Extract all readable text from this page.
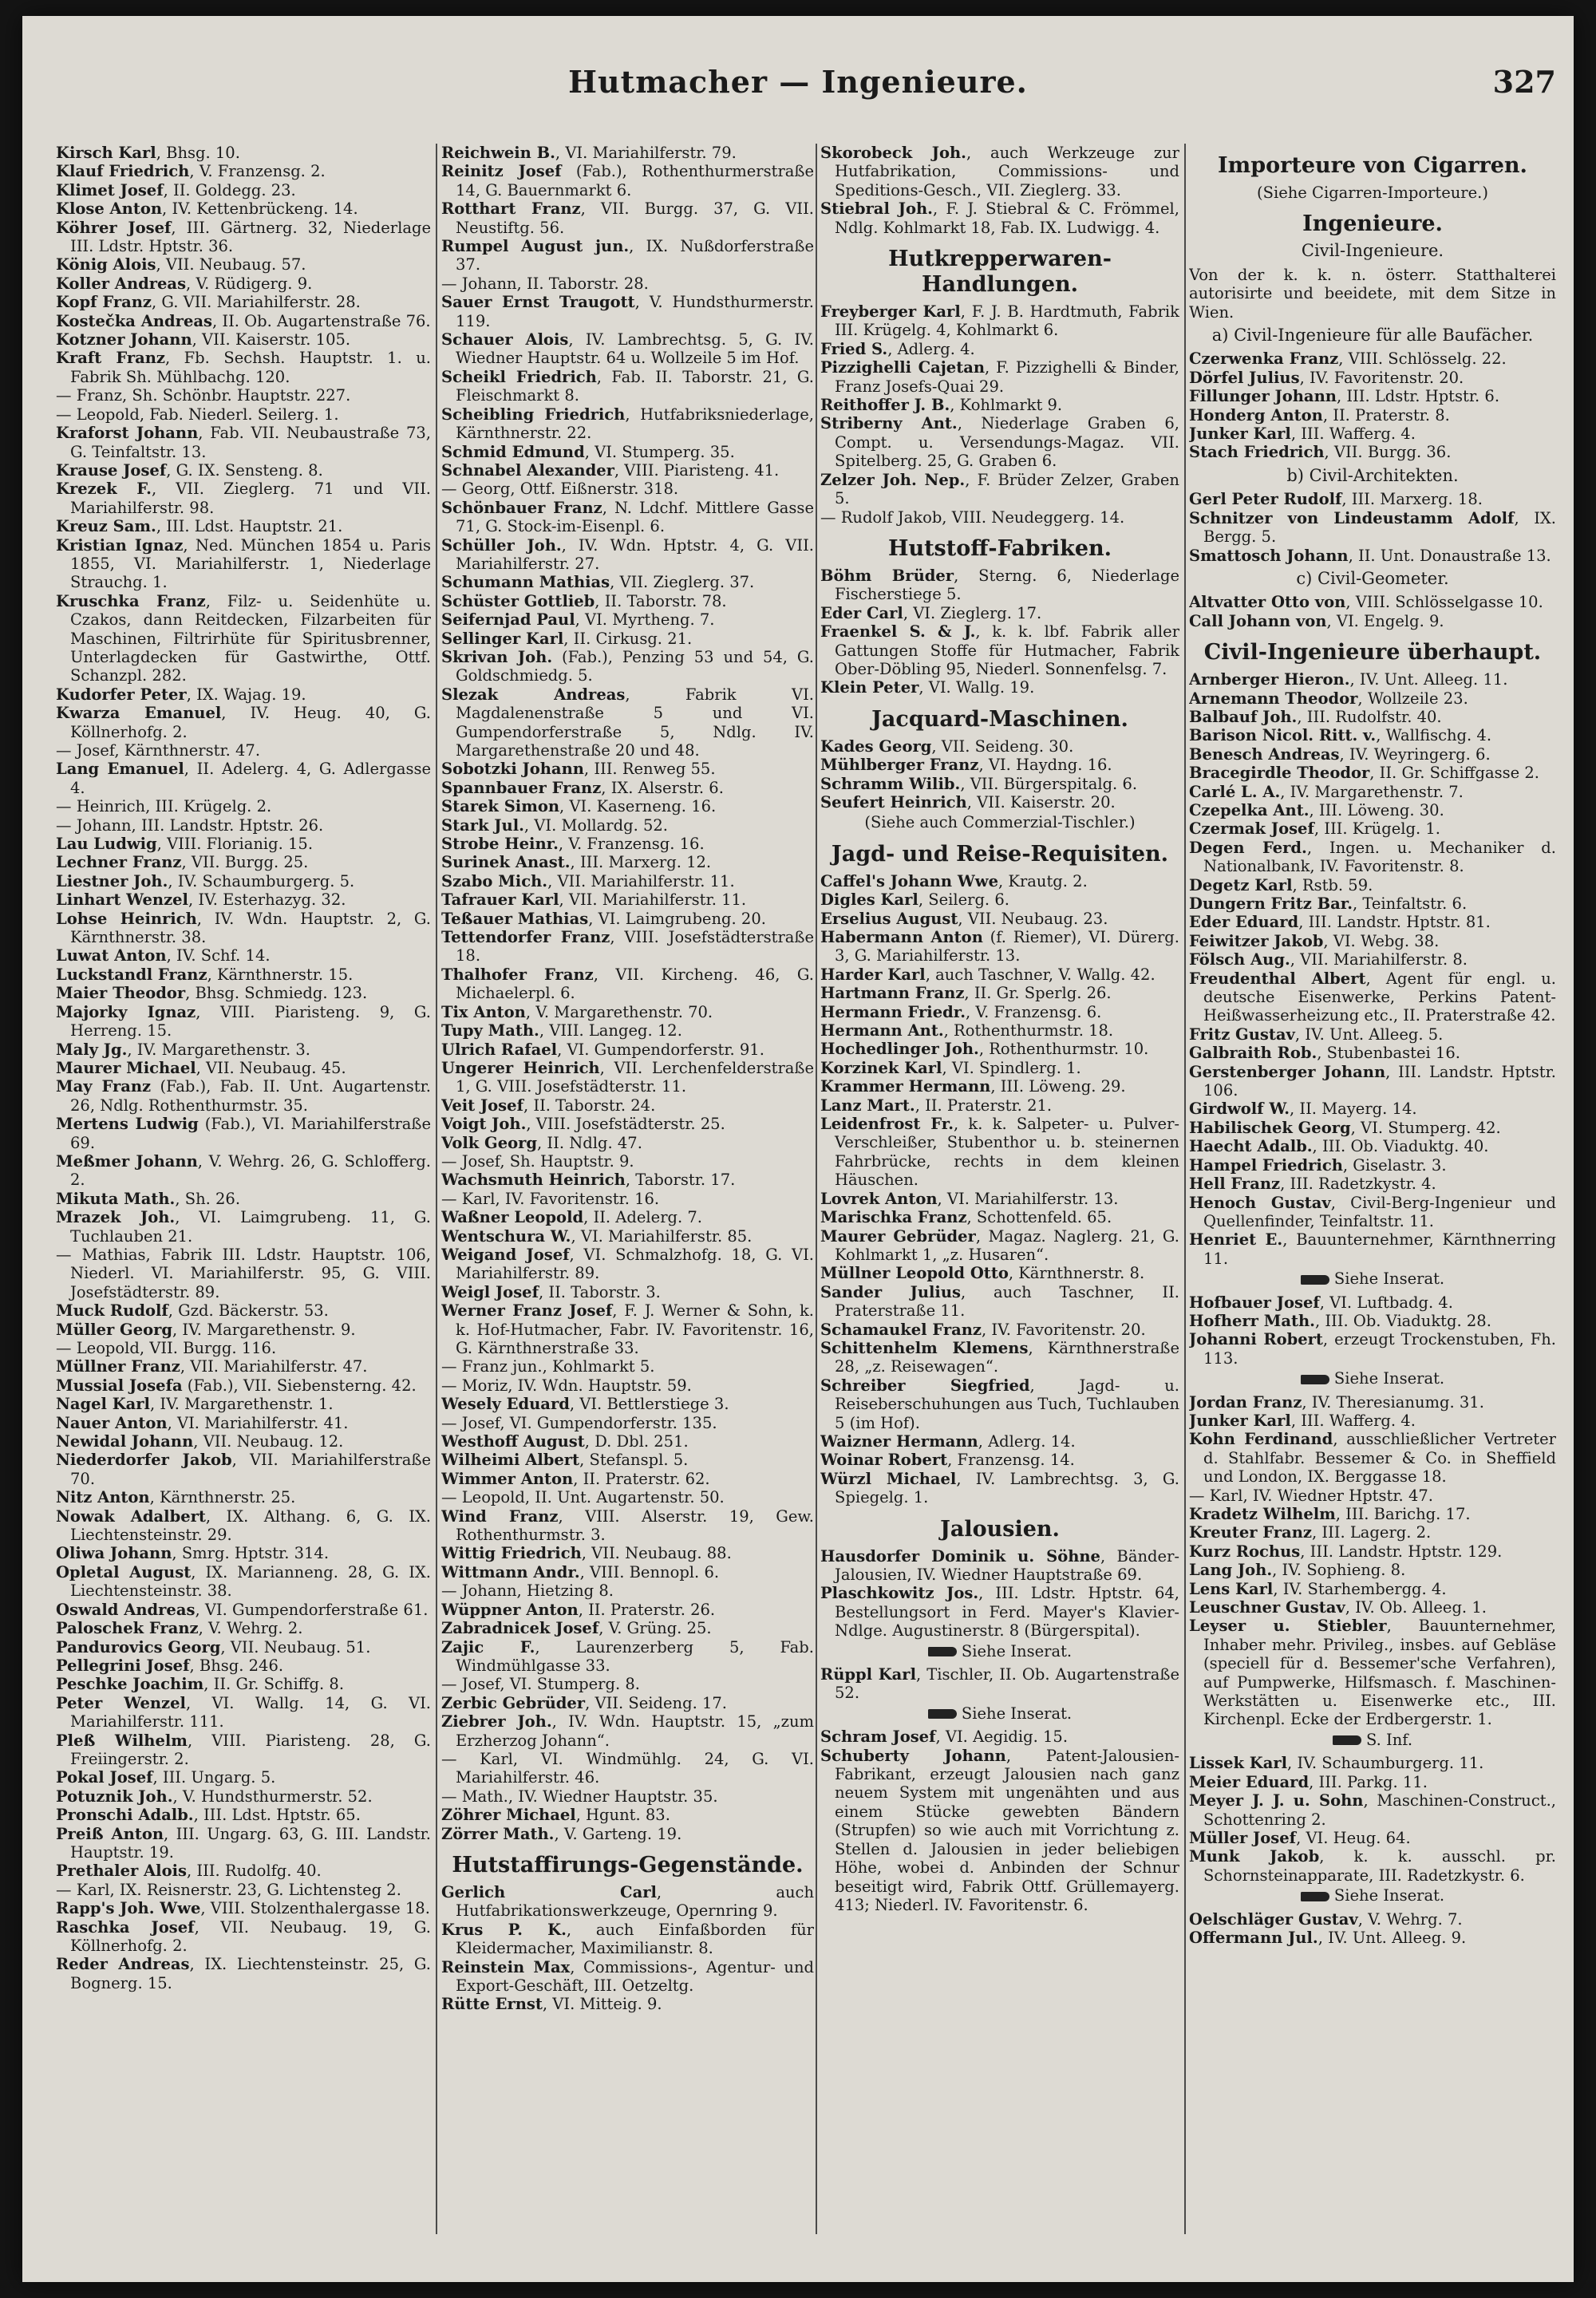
Hutmacher — Ingenieure.	327

Kirsch Karl, Bhsg. 10.

Klauf Friedrich, V. Franzensg. 2.

Klimet Josef, II. Goldegg. 23.

Klose Anton, IV. Kettenbrückeng. 14.

Köhrer Josef, III. Gärtnerg. 32, Niederlage III. Ldstr. Hptstr. 36.

König Alois, VII. Neubaug. 57.

Koller Andreas, V. Rüdigerg. 9.

Kopf Franz, G. VII. Mariahilferstr. 28.

Kostečka Andreas, II. Ob. Augartenstraße 76.

Kotzner Johann, VII. Kaiserstr. 105.

Kraft Franz, Fb. Sechsh. Hauptstr. 1. u. Fabrik Sh. Mühlbachg. 120.

— Franz, Sh. Schönbr. Hauptstr. 227.

— Leopold, Fab. Niederl. Seilerg. 1.

Kraforst Johann, Fab. VII. Neubaustraße 73, G. Teinfaltstr. 13.

Krause Josef, G. IX. Sensteng. 8.

Krezek F., VII. Zieglerg. 71 und VII. Mariahilferstr. 98.

Kreuz Sam., III. Ldst. Hauptstr. 21.

Kristian Ignaz, Ned. München 1854 u. Paris 1855, VI. Mariahilferstr. 1, Niederlage Strauchg. 1.

Kruschka Franz, Filz- u. Seidenhüte u. Czakos, dann Reitdecken, Filzarbeiten für Maschinen, Filtrirhüte für Spiritusbrenner, Unterlagdecken für Gastwirthe, Ottf. Schanzpl. 282.

Kudorfer Peter, IX. Wajag. 19.

Kwarza Emanuel, IV. Heug. 40, G. Köllnerhofg. 2.

— Josef, Kärnthnerstr. 47.

Lang Emanuel, II. Adelerg. 4, G. Adlergasse 4.

— Heinrich, III. Krügelg. 2.

— Johann, III. Landstr. Hptstr. 26.

Lau Ludwig, VIII. Florianig. 15.

Lechner Franz, VII. Burgg. 25.

Liestner Joh., IV. Schaumburgerg. 5.

Linhart Wenzel, IV. Esterhazyg. 32.

Lohse Heinrich, IV. Wdn. Hauptstr. 2, G. Kärnthnerstr. 38.

Luwat Anton, IV. Schf. 14.

Luckstandl Franz, Kärnthnerstr. 15.

Maier Theodor, Bhsg. Schmiedg. 123.

Majorky Ignaz, VIII. Piaristeng. 9, G. Herreng. 15.

Maly Jg., IV. Margarethenstr. 3.

Maurer Michael, VII. Neubaug. 45.

May Franz (Fab.), Fab. II. Unt. Augartenstr. 26, Ndlg. Rothenthurmstr. 35.

Mertens Ludwig (Fab.), VI. Mariahilferstraße 69.

Meßmer Johann, V. Wehrg. 26, G. Schlofferg. 2.

Mikuta Math., Sh. 26.

Mrazek Joh., VI. Laimgrubeng. 11, G. Tuchlauben 21.

— Mathias, Fabrik III. Ldstr. Hauptstr. 106, Niederl. VI. Mariahilferstr. 95, G. VIII. Josefstädterstr. 89.

Muck Rudolf, Gzd. Bäckerstr. 53.

Müller Georg, IV. Margarethenstr. 9.

— Leopold, VII. Burgg. 116.

Müllner Franz, VII. Mariahilferstr. 47.

Mussial Josefa (Fab.), VII. Siebensterng. 42.

Nagel Karl, IV. Margarethenstr. 1.

Nauer Anton, VI. Mariahilferstr. 41.

Newidal Johann, VII. Neubaug. 12.

Niederdorfer Jakob, VII. Mariahilferstraße 70.

Nitz Anton, Kärnthnerstr. 25.

Nowak Adalbert, IX. Althang. 6, G. IX. Liechtensteinstr. 29.

Oliwa Johann, Smrg. Hptstr. 314.

Opletal August, IX. Marianneng. 28, G. IX. Liechtensteinstr. 38.

Oswald Andreas, VI. Gumpendorferstraße 61.

Paloschek Franz, V. Wehrg. 2.

Pandurovics Georg, VII. Neubaug. 51.

Pellegrini Josef, Bhsg. 246.

Peschke Joachim, II. Gr. Schiffg. 8.

Peter Wenzel, VI. Wallg. 14, G. VI. Mariahilferstr. 111.

Pleß Wilhelm, VIII. Piaristeng. 28, G. Freiingerstr. 2.

Pokal Josef, III. Ungarg. 5.

Potuznik Joh., V. Hundsthurmerstr. 52.

Pronschi Adalb., III. Ldst. Hptstr. 65.

Preiß Anton, III. Ungarg. 63, G. III. Landstr. Hauptstr. 19.

Prethaler Alois, III. Rudolfg. 40.

— Karl, IX. Reisnerstr. 23, G. Lichtensteg 2.

Rapp's Joh. Wwe, VIII. Stolzenthalergasse 18.

Raschka Josef, VII. Neubaug. 19, G. Köllnerhofg. 2.

Reder Andreas, IX. Liechtensteinstr. 25, G. Bognerg. 15.

Reichwein B., VI. Mariahilferstr. 79.

Reinitz Josef (Fab.), Rothenthurmerstraße 14, G. Bauernmarkt 6.

Rotthart Franz, VII. Burgg. 37, G. VII. Neustiftg. 56.

Rumpel August jun., IX. Nußdorferstraße 37.

— Johann, II. Taborstr. 28.

Sauer Ernst Traugott, V. Hundsthurmerstr. 119.

Schauer Alois, IV. Lambrechtsg. 5, G. IV. Wiedner Hauptstr. 64 u. Wollzeile 5 im Hof.

Scheikl Friedrich, Fab. II. Taborstr. 21, G. Fleischmarkt 8.

Scheibling Friedrich, Hutfabriksniederlage, Kärnthnerstr. 22.

Schmid Edmund, VI. Stumperg. 35.

Schnabel Alexander, VIII. Piaristeng. 41.

— Georg, Ottf. Eißnerstr. 318.

Schönbauer Franz, N. Ldchf. Mittlere Gasse 71, G. Stock-im-Eisenpl. 6.

Schüller Joh., IV. Wdn. Hptstr. 4, G. VII. Mariahilferstr. 27.

Schumann Mathias, VII. Zieglerg. 37.

Schüster Gottlieb, II. Taborstr. 78.

Seifernjad Paul, VI. Myrtheng. 7.

Sellinger Karl, II. Cirkusg. 21.

Skrivan Joh. (Fab.), Penzing 53 und 54, G. Goldschmiedg. 5.

Slezak Andreas, Fabrik VI. Magdalenenstraße 5 und VI. Gumpendorferstraße 5, Ndlg. IV. Margarethenstraße 20 und 48.

Sobotzki Johann, III. Renweg 55.

Spannbauer Franz, IX. Alserstr. 6.

Starek Simon, VI. Kaserneng. 16.

Stark Jul., VI. Mollardg. 52.

Strobe Heinr., V. Franzensg. 16.

Surinek Anast., III. Marxerg. 12.

Szabo Mich., VII. Mariahilferstr. 11.

Tafrauer Karl, VII. Mariahilferstr. 11.

Teßauer Mathias, VI. Laimgrubeng. 20.

Tettendorfer Franz, VIII. Josefstädterstraße 18.

Thalhofer Franz, VII. Kircheng. 46, G. Michaelerpl. 6.

Tix Anton, V. Margarethenstr. 70.

Tupy Math., VIII. Langeg. 12.

Ulrich Rafael, VI. Gumpendorferstr. 91.

Ungerer Heinrich, VII. Lerchenfelderstraße 1, G. VIII. Josefstädterstr. 11.

Veit Josef, II. Taborstr. 24.

Voigt Joh., VIII. Josefstädterstr. 25.

Volk Georg, II. Ndlg. 47.

— Josef, Sh. Hauptstr. 9.

Wachsmuth Heinrich, Taborstr. 17.

— Karl, IV. Favoritenstr. 16.

Waßner Leopold, II. Adelerg. 7.

Wentschura W., VI. Mariahilferstr. 85.

Weigand Josef, VI. Schmalzhofg. 18, G. VI. Mariahilferstr. 89.

Weigl Josef, II. Taborstr. 3.

Werner Franz Josef, F. J. Werner & Sohn, k. k. Hof-Hutmacher, Fabr. IV. Favoritenstr. 16, G. Kärnthnerstraße 33.

— Franz jun., Kohlmarkt 5.

— Moriz, IV. Wdn. Hauptstr. 59.

Wesely Eduard, VI. Bettlerstiege 3.

— Josef, VI. Gumpendorferstr. 135.

Westhoff August, D. Dbl. 251.

Wilheimi Albert, Stefanspl. 5.

Wimmer Anton, II. Praterstr. 62.

— Leopold, II. Unt. Augartenstr. 50.

Wind Franz, VIII. Alserstr. 19, Gew. Rothenthurmstr. 3.

Wittig Friedrich, VII. Neubaug. 88.

Wittmann Andr., VIII. Bennopl. 6.

— Johann, Hietzing 8.

Wüppner Anton, II. Praterstr. 26.

Zabradnicek Josef, V. Grüng. 25.

Zajic F., Laurenzerberg 5, Fab. Windmühlgasse 33.

— Josef, VI. Stumperg. 8.

Zerbic Gebrüder, VII. Seideng. 17.

Ziebrer Joh., IV. Wdn. Hauptstr. 15, „zum Erzherzog Johann“.

— Karl, VI. Windmühlg. 24, G. VI. Mariahilferstr. 46.

— Math., IV. Wiedner Hauptstr. 35.

Zöhrer Michael, Hgunt. 83.

Zörrer Math., V. Garteng. 19.

Hutstaffirungs-Gegenstände.

Gerlich Carl, auch Hutfabrikationswerkzeuge, Opernring 9.

Krus P. K., auch Einfaßborden für Kleidermacher, Maximilianstr. 8.

Reinstein Max, Commissions-, Agentur- und Export-Geschäft, III. Oetzeltg.

Rütte Ernst, VI. Mitteig. 9.

Skorobeck Joh., auch Werkzeuge zur Hutfabrikation, Commissions- und Speditions-Gesch., VII. Zieglerg. 33.

Stiebral Joh., F. J. Stiebral & C. Frömmel, Ndlg. Kohlmarkt 18, Fab. IX. Ludwigg. 4.

Hutkrepperwaren-Handlungen.

Freyberger Karl, F. J. B. Hardtmuth, Fabrik III. Krügelg. 4, Kohlmarkt 6.

Fried S., Adlerg. 4.

Pizzighelli Cajetan, F. Pizzighelli & Binder, Franz Josefs-Quai 29.

Reithoffer J. B., Kohlmarkt 9.

Striberny Ant., Niederlage Graben 6, Compt. u. Versendungs-Magaz. VII. Spitelberg. 25, G. Graben 6.

Zelzer Joh. Nep., F. Brüder Zelzer, Graben 5.

— Rudolf Jakob, VIII. Neudeggerg. 14.

Hutstoff-Fabriken.

Böhm Brüder, Sterng. 6, Niederlage Fischerstiege 5.

Eder Carl, VI. Zieglerg. 17.

Fraenkel S. & J., k. k. lbf. Fabrik aller Gattungen Stoffe für Hutmacher, Fabrik Ober-Döbling 95, Niederl. Sonnenfelsg. 7.

Klein Peter, VI. Wallg. 19.

Jacquard-Maschinen.

Kades Georg, VII. Seideng. 30.

Mühlberger Franz, VI. Haydng. 16.

Schramm Wilib., VII. Bürgerspitalg. 6.

Seufert Heinrich, VII. Kaiserstr. 20.

(Siehe auch Commerzial-Tischler.)
Jagd- und Reise-Requisiten.

Caffel's Johann Wwe, Krautg. 2.

Digles Karl, Seilerg. 6.

Erselius August, VII. Neubaug. 23.

Habermann Anton (f. Riemer), VI. Dürerg. 3, G. Mariahilferstr. 13.

Harder Karl, auch Taschner, V. Wallg. 42.

Hartmann Franz, II. Gr. Sperlg. 26.

Hermann Friedr., V. Franzensg. 6.

Hermann Ant., Rothenthurmstr. 18.

Hochedlinger Joh., Rothenthurmstr. 10.

Korzinek Karl, VI. Spindlerg. 1.

Krammer Hermann, III. Löweng. 29.

Lanz Mart., II. Praterstr. 21.

Leidenfrost Fr., k. k. Salpeter- u. Pulver-Verschleißer, Stubenthor u. b. steinernen Fahrbrücke, rechts in dem kleinen Häuschen.

Lovrek Anton, VI. Mariahilferstr. 13.

Marischka Franz, Schottenfeld. 65.

Maurer Gebrüder, Magaz. Naglerg. 21, G. Kohlmarkt 1, „z. Husaren“.

Müllner Leopold Otto, Kärnthnerstr. 8.

Sander Julius, auch Taschner, II. Praterstraße 11.

Schamaukel Franz, IV. Favoritenstr. 20.

Schittenhelm Klemens, Kärnthnerstraße 28, „z. Reisewagen“.

Schreiber Siegfried, Jagd- u. Reiseberschuhungen aus Tuch, Tuchlauben 5 (im Hof).

Waizner Hermann, Adlerg. 14.

Woinar Robert, Franzensg. 14.

Würzl Michael, IV. Lambrechtsg. 3, G. Spiegelg. 1.

Jalousien.

Hausdorfer Dominik u. Söhne, Bänder-Jalousien, IV. Wiedner Hauptstraße 69.

Plaschkowitz Jos., III. Ldstr. Hptstr. 64, Bestellungsort in Ferd. Mayer's Klavier-Ndlge. Augustinerstr. 8 (Bürgerspital).

Siehe Inserat.

Rüppl Karl, Tischler, II. Ob. Augartenstraße 52.

Siehe Inserat.

Schram Josef, VI. Aegidig. 15.

Schuberty Johann, Patent-Jalousien-Fabrikant, erzeugt Jalousien nach ganz neuem System mit ungenähten und aus einem Stücke gewebten Bändern (Strupfen) so wie auch mit Vorrichtung z. Stellen d. Jalousien in jeder beliebigen Höhe, wobei d. Anbinden der Schnur beseitigt wird, Fabrik Ottf. Grüllemayerg. 413; Niederl. IV. Favoritenstr. 6.

Importeure von Cigarren.
(Siehe Cigarren-Importeure.)
Ingenieure.
Civil-Ingenieure.

Von der k. k. n. österr. Statthalterei autorisirte und beeidete, mit dem Sitze in Wien.

a) Civil-Ingenieure für alle Baufächer.

Czerwenka Franz, VIII. Schlösselg. 22.

Dörfel Julius, IV. Favoritenstr. 20.

Fillunger Johann, III. Ldstr. Hptstr. 6.

Honderg Anton, II. Praterstr. 8.

Junker Karl, III. Wafferg. 4.

Stach Friedrich, VII. Burgg. 36.

b) Civil-Architekten.

Gerl Peter Rudolf, III. Marxerg. 18.

Schnitzer von Lindeustamm Adolf, IX. Bergg. 5.

Smattosch Johann, II. Unt. Donaustraße 13.

c) Civil-Geometer.

Altvatter Otto von, VIII. Schlösselgasse 10.

Call Johann von, VI. Engelg. 9.

Civil-Ingenieure überhaupt.

Arnberger Hieron., IV. Unt. Alleeg. 11.

Arnemann Theodor, Wollzeile 23.

Balbauf Joh., III. Rudolfstr. 40.

Barison Nicol. Ritt. v., Wallfischg. 4.

Benesch Andreas, IV. Weyringerg. 6.

Bracegirdle Theodor, II. Gr. Schiffgasse 2.

Carlé L. A., IV. Margarethenstr. 7.

Czepelka Ant., III. Löweng. 30.

Czermak Josef, III. Krügelg. 1.

Degen Ferd., Ingen. u. Mechaniker d. Nationalbank, IV. Favoritenstr. 8.

Degetz Karl, Rstb. 59.

Dungern Fritz Bar., Teinfaltstr. 6.

Eder Eduard, III. Landstr. Hptstr. 81.

Feiwitzer Jakob, VI. Webg. 38.

Fölsch Aug., VII. Mariahilferstr. 8.

Freudenthal Albert, Agent für engl. u. deutsche Eisenwerke, Perkins Patent-Heißwasserheizung etc., II. Praterstraße 42.

Fritz Gustav, IV. Unt. Alleeg. 5.

Galbraith Rob., Stubenbastei 16.

Gerstenberger Johann, III. Landstr. Hptstr. 106.

Girdwolf W., II. Mayerg. 14.

Habilischek Georg, VI. Stumperg. 42.

Haecht Adalb., III. Ob. Viaduktg. 40.

Hampel Friedrich, Giselastr. 3.

Hell Franz, III. Radetzkystr. 4.

Henoch Gustav, Civil-Berg-Ingenieur und Quellenfinder, Teinfaltstr. 11.

Henriet E., Bauunternehmer, Kärnthnerring 11.

Siehe Inserat.

Hofbauer Josef, VI. Luftbadg. 4.

Hofherr Math., III. Ob. Viaduktg. 28.

Johanni Robert, erzeugt Trockenstuben, Fh. 113.

Siehe Inserat.

Jordan Franz, IV. Theresianumg. 31.

Junker Karl, III. Wafferg. 4.

Kohn Ferdinand, ausschließlicher Vertreter d. Stahlfabr. Bessemer & Co. in Sheffield und London, IX. Berggasse 18.

— Karl, IV. Wiedner Hptstr. 47.

Kradetz Wilhelm, III. Barichg. 17.

Kreuter Franz, III. Lagerg. 2.

Kurz Rochus, III. Landstr. Hptstr. 129.

Lang Joh., IV. Sophieng. 8.

Lens Karl, IV. Starhembergg. 4.

Leuschner Gustav, IV. Ob. Alleeg. 1.

Leyser u. Stiebler, Bauunternehmer, Inhaber mehr. Privileg., insbes. auf Gebläse (speciell für d. Bessemer'sche Verfahren), auf Pumpwerke, Hilfsmasch. f. Maschinen-Werkstätten u. Eisenwerke etc., III. Kirchenpl. Ecke der Erdbergerstr. 1.

S. Inf.

Lissek Karl, IV. Schaumburgerg. 11.

Meier Eduard, III. Parkg. 11.

Meyer J. J. u. Sohn, Maschinen-Construct., Schottenring 2.

Müller Josef, VI. Heug. 64.

Munk Jakob, k. k. ausschl. pr. Schornsteinapparate, III. Radetzkystr. 6.

Siehe Inserat.

Oelschläger Gustav, V. Wehrg. 7.

Offermann Jul., IV. Unt. Alleeg. 9.
